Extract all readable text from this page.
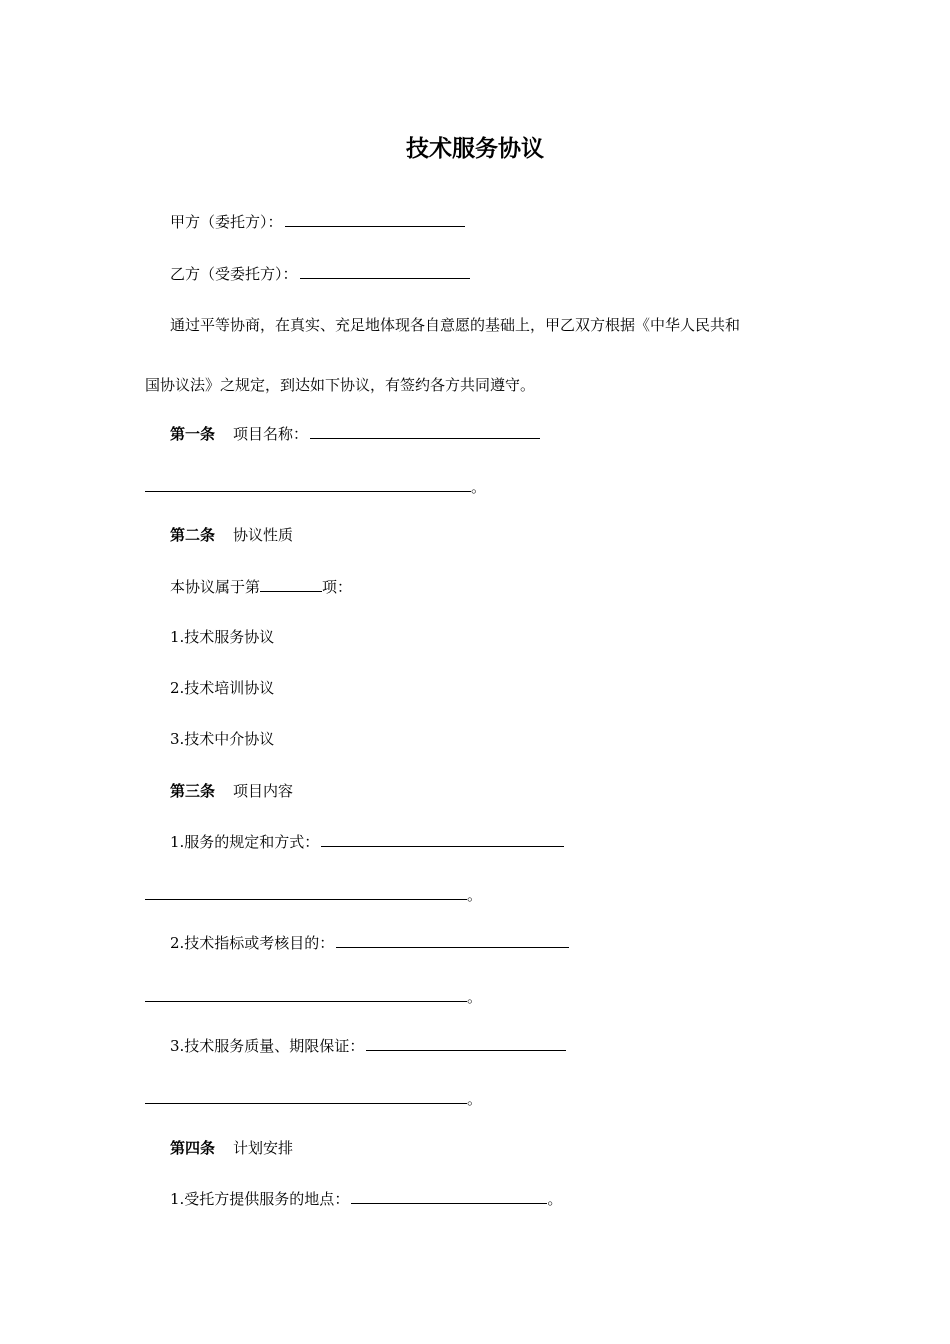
技术服务协议
甲方（委托方）：
乙方（受委托方）：
通过平等协商，在真实、充足地体现各自意愿的基础上，甲乙双方根据《中华人民共和
国协议法》之规定，到达如下协议，有签约各方共同遵守。
第一条 项目名称：
。
第二条 协议性质
本协议属于第	项：
1.技术服务协议
2.技术培训协议
3.技术中介协议
第三条 项目内容
1.服务的规定和方式：
。
2.技术指标或考核目的：
。
3.技术服务质量、期限保证：
。
第四条 计划安排
1.受托方提供服务的地点：	。
